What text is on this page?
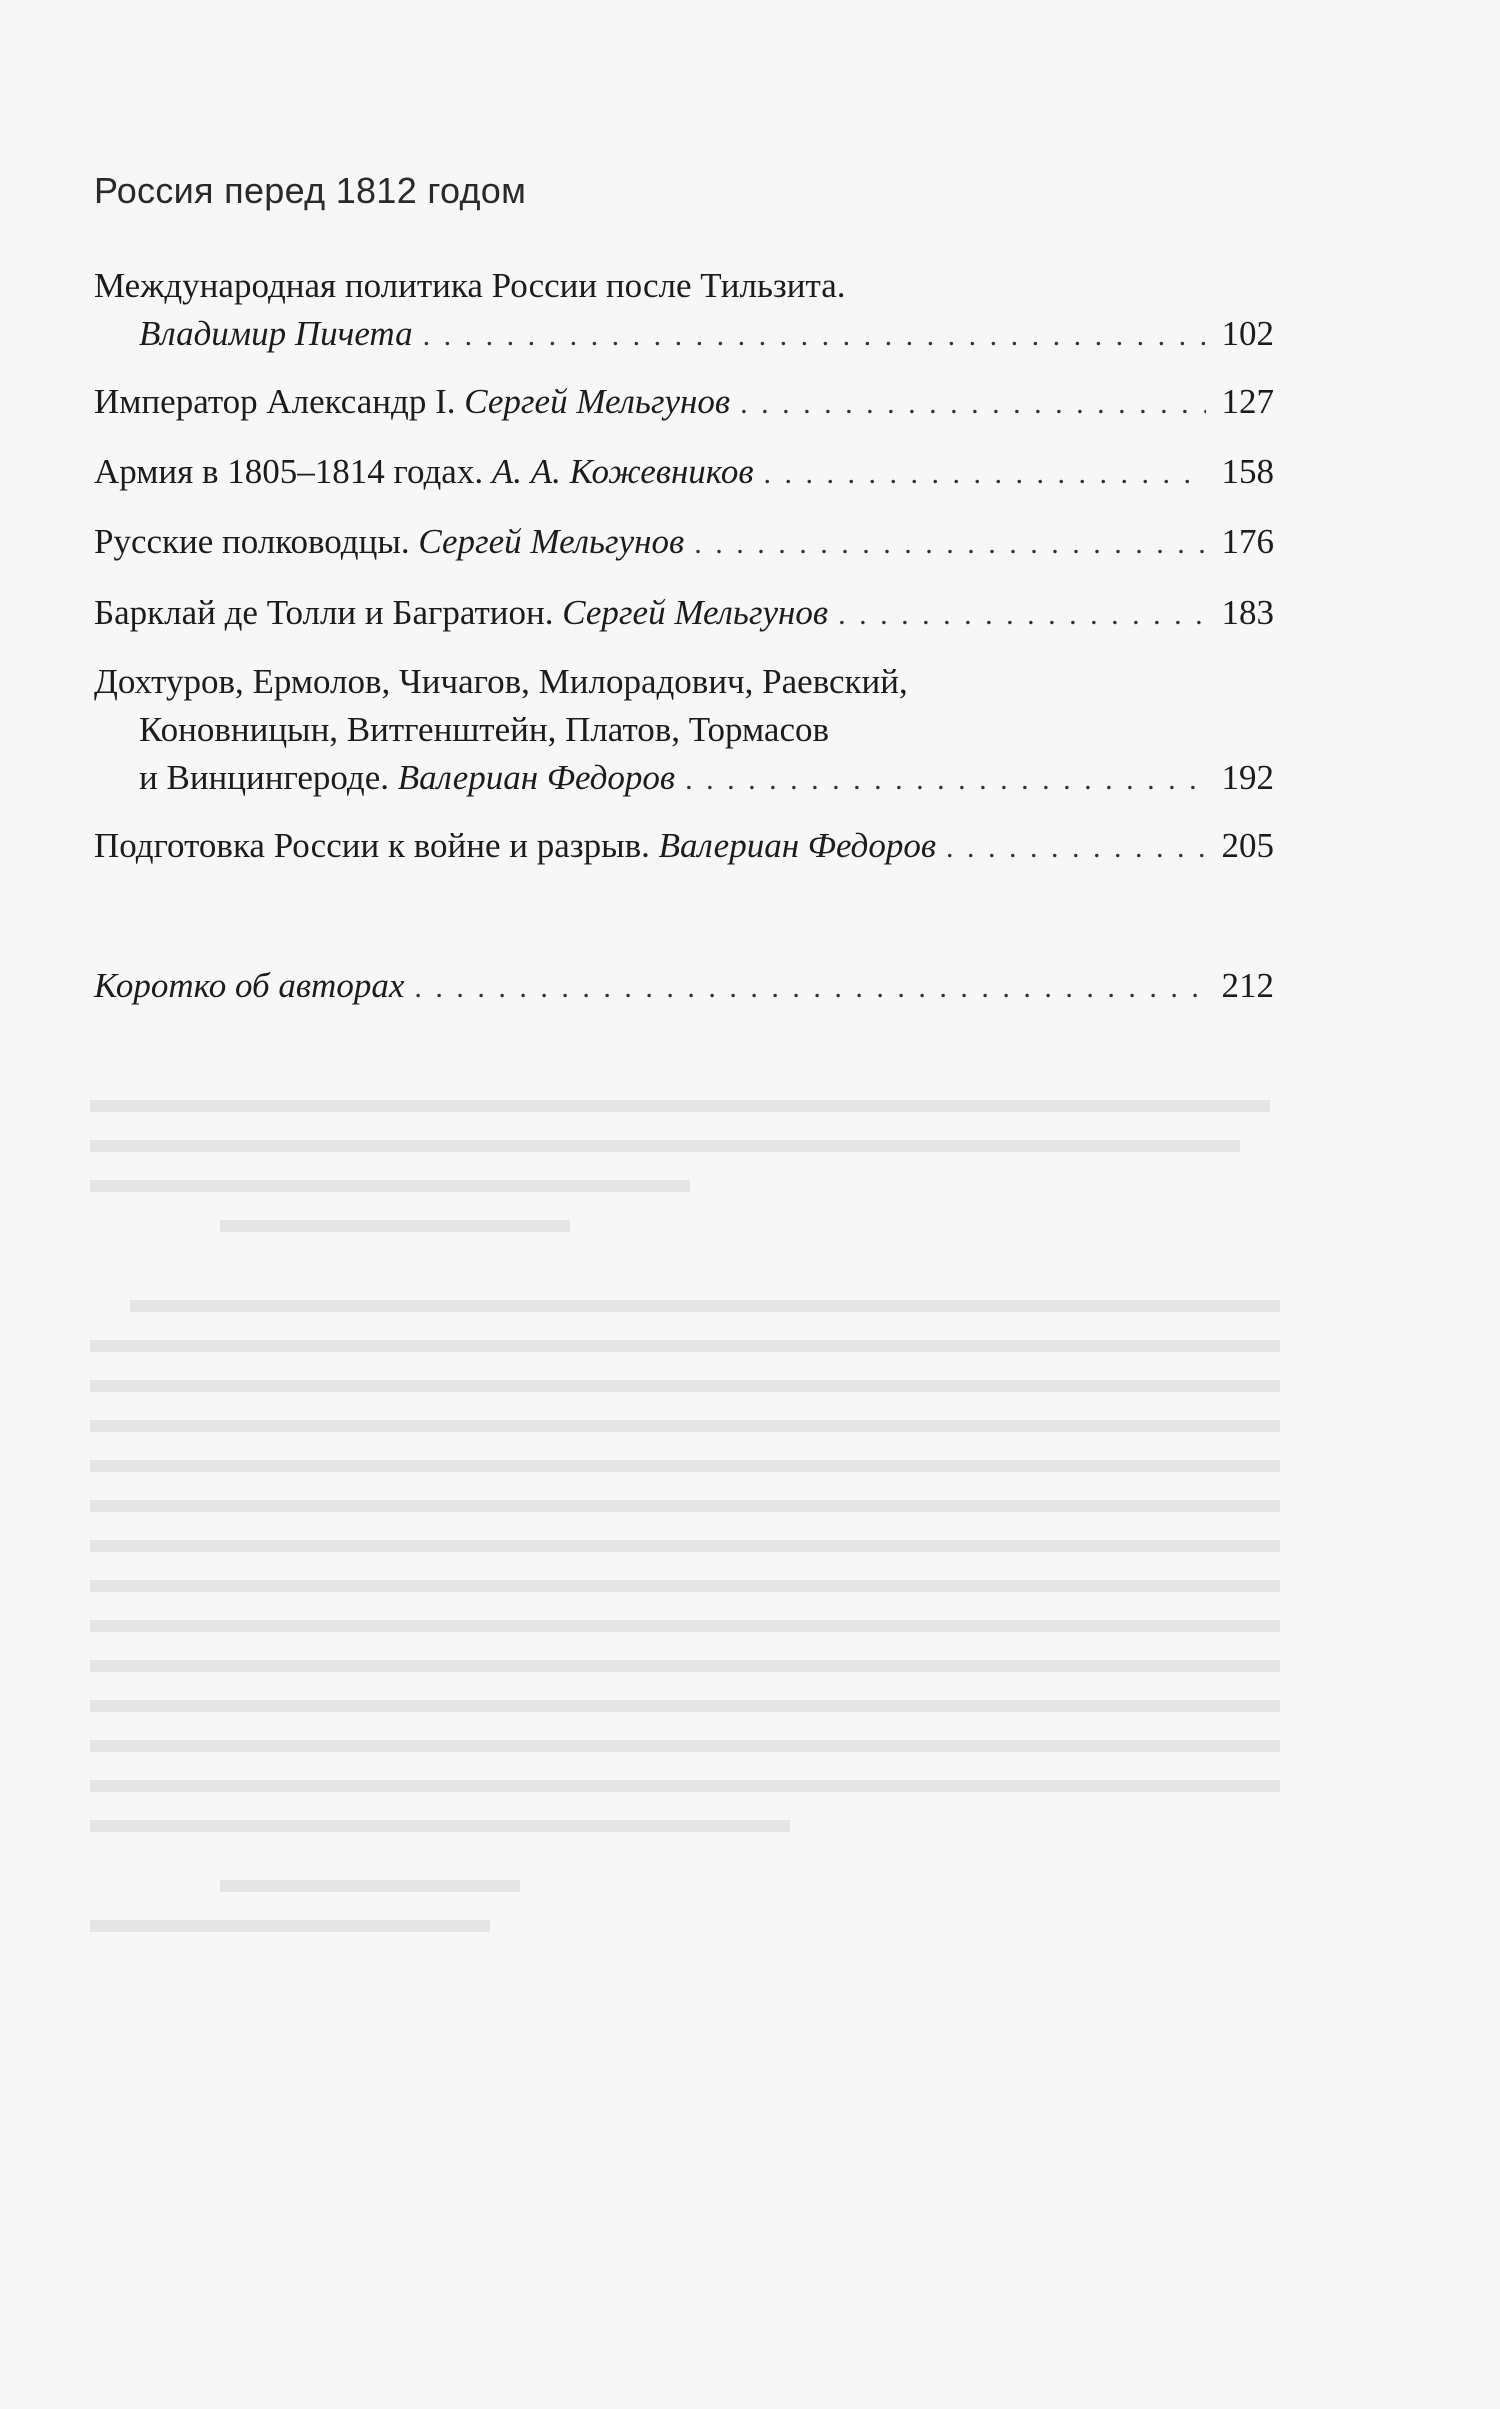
Россия перед 1812 годом
Международная политика России после Тильзита.
Владимир Пичета . . .	102
Император Александр I.
Сергей Мельгунов . . .	127
Армия в 1805–1814 годах.
А. А. Кожевников . . .	158
Русские полководцы.
Сергей Мельгунов . . .	176
Барклай де Толли и Багратион.
Сергей Мельгунов . . .	183
Дохтуров, Ермолов, Чичагов, Милорадович, Раевский,
Коновницын, Витгенштейн, Платов, Тормасов
и Винцингероде.
Валериан Федоров . . .	192
Подготовка России к войне и разрыв.
Валериан Федоров . . .	205
Коротко об авторах . . .	212
